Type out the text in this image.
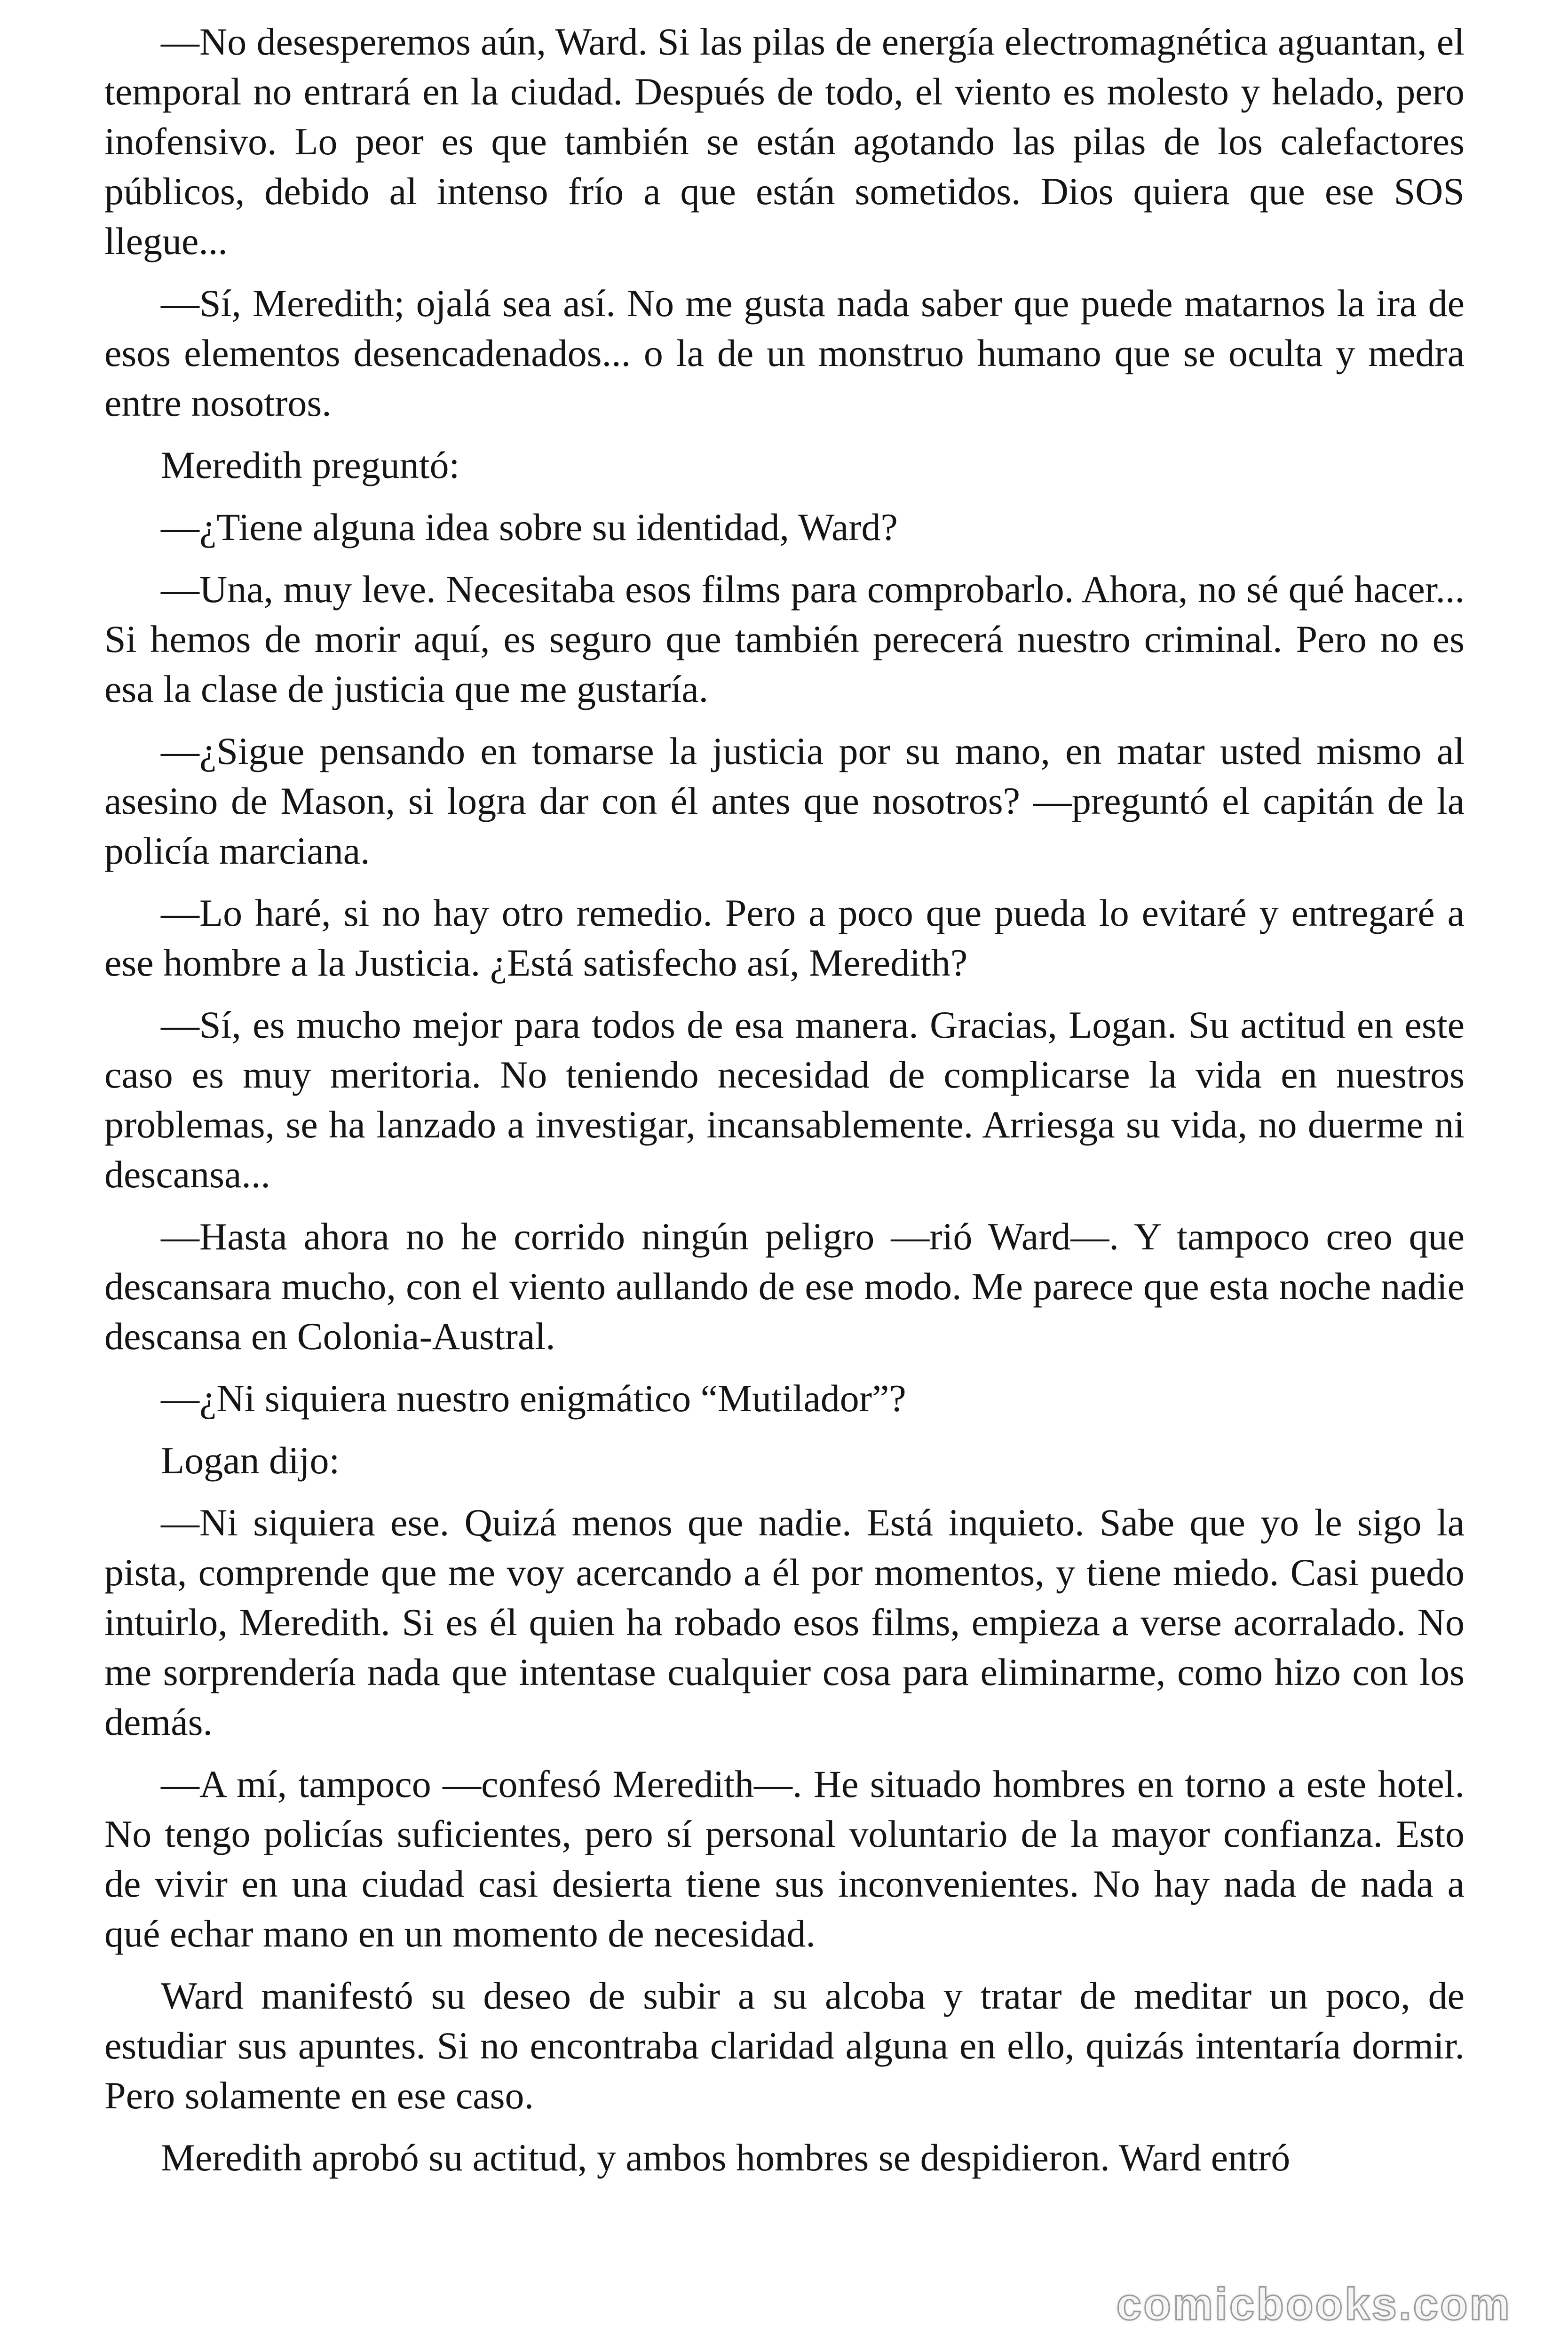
—No desesperemos aún, Ward. Si las pilas de energía electromagnética aguantan, el temporal no entrará en la ciudad. Después de todo, el viento es molesto y helado, pero inofensivo. Lo peor es que también se están agotando las pilas de los calefactores públicos, debido al intenso frío a que están sometidos. Dios quiera que ese SOS llegue...

—Sí, Meredith; ojalá sea así. No me gusta nada saber que puede matarnos la ira de esos elementos desencadenados... o la de un monstruo humano que se oculta y medra entre nosotros.

Meredith preguntó:

—¿Tiene alguna idea sobre su identidad, Ward?

—Una, muy leve. Necesitaba esos films para comprobarlo. Ahora, no sé qué hacer... Si hemos de morir aquí, es seguro que también perecerá nuestro criminal. Pero no es esa la clase de justicia que me gustaría.

—¿Sigue pensando en tomarse la justicia por su mano, en matar usted mismo al asesino de Mason, si logra dar con él antes que nosotros? —preguntó el capitán de la policía marciana.

—Lo haré, si no hay otro remedio. Pero a poco que pueda lo evitaré y entregaré a ese hombre a la Justicia. ¿Está satisfecho así, Meredith?

—Sí, es mucho mejor para todos de esa manera. Gracias, Logan. Su actitud en este caso es muy meritoria. No teniendo necesidad de complicarse la vida en nuestros problemas, se ha lanzado a investigar, incansablemente. Arriesga su vida, no duerme ni descansa...

—Hasta ahora no he corrido ningún peligro —rió Ward—. Y tampoco creo que descansara mucho, con el viento aullando de ese modo. Me parece que esta noche nadie descansa en Colonia-Austral.

—¿Ni siquiera nuestro enigmático “Mutilador”?

Logan dijo:

—Ni siquiera ese. Quizá menos que nadie. Está inquieto. Sabe que yo le sigo la pista, comprende que me voy acercando a él por momentos, y tiene miedo. Casi puedo intuirlo, Meredith. Si es él quien ha robado esos films, empieza a verse acorralado. No me sorprendería nada que intentase cualquier cosa para eliminarme, como hizo con los demás.

—A mí, tampoco —confesó Meredith—. He situado hombres en torno a este hotel. No tengo policías suficientes, pero sí personal voluntario de la mayor confianza. Esto de vivir en una ciudad casi desierta tiene sus inconvenientes. No hay nada de nada a qué echar mano en un momento de necesidad.

Ward manifestó su deseo de subir a su alcoba y tratar de meditar un poco, de estudiar sus apuntes. Si no encontraba claridad alguna en ello, quizás intentaría dormir. Pero solamente en ese caso.

Meredith aprobó su actitud, y ambos hombres se despidieron. Ward entró

comicbooks.com
